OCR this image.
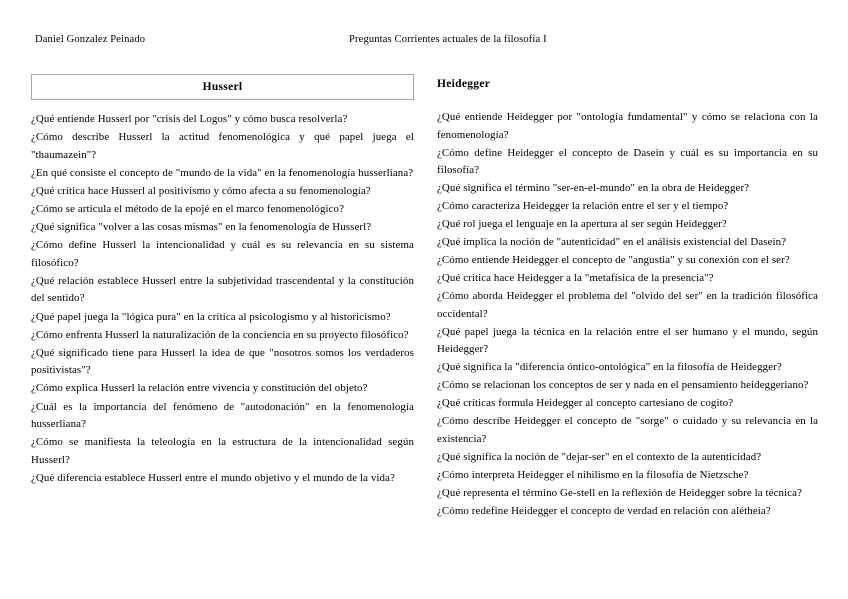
Daniel Gonzalez Peinado	Preguntas Corrientes actuales de la filosofía I
Husserl
¿Qué entiende Husserl por "crisis del Logos" y cómo busca resolverla?
¿Cómo describe Husserl la actitud fenomenológica y qué papel juega el "thaumazein"?
¿En qué consiste el concepto de "mundo de la vida" en la fenomenología husserliana?
¿Qué crítica hace Husserl al positivismo y cómo afecta a su fenomenología?
¿Cómo se articula el método de la epojé en el marco fenomenológico?
¿Qué significa "volver a las cosas mismas" en la fenomenología de Husserl?
¿Cómo define Husserl la intencionalidad y cuál es su relevancia en su sistema filosófico?
¿Qué relación establece Husserl entre la subjetividad trascendental y la constitución del sentido?
¿Qué papel juega la "lógica pura" en la crítica al psicologismo y al historicismo?
¿Cómo enfrenta Husserl la naturalización de la conciencia en su proyecto filosófico?
¿Qué significado tiene para Husserl la idea de que "nosotros somos los verdaderos positivistas"?
¿Cómo explica Husserl la relación entre vivencia y constitución del objeto?
¿Cuál es la importancia del fenómeno de "autodonación" en la fenomenología husserliana?
¿Cómo se manifiesta la teleología en la estructura de la intencionalidad según Husserl?
¿Qué diferencia establece Husserl entre el mundo objetivo y el mundo de la vida?
Heidegger
¿Qué entiende Heidegger por "ontología fundamental" y cómo se relaciona con la fenomenología?
¿Cómo define Heidegger el concepto de Dasein y cuál es su importancia en su filosofía?
¿Qué significa el término "ser-en-el-mundo" en la obra de Heidegger?
¿Cómo caracteriza Heidegger la relación entre el ser y el tiempo?
¿Qué rol juega el lenguaje en la apertura al ser según Heidegger?
¿Qué implica la noción de "autenticidad" en el análisis existencial del Dasein?
¿Cómo entiende Heidegger el concepto de "angustia" y su conexión con el ser?
¿Qué crítica hace Heidegger a la "metafísica de la presencia"?
¿Cómo aborda Heidegger el problema del "olvido del ser" en la tradición filosófica occidental?
¿Qué papel juega la técnica en la relación entre el ser humano y el mundo, según Heidegger?
¿Qué significa la "diferencia óntico-ontológica" en la filosofía de Heidegger?
¿Cómo se relacionan los conceptos de ser y nada en el pensamiento heideggeriano?
¿Qué críticas formula Heidegger al concepto cartesiano de cogito?
¿Cómo describe Heidegger el concepto de "sorge" o cuidado y su relevancia en la existencia?
¿Qué significa la noción de "dejar-ser" en el contexto de la autenticidad?
¿Cómo interpreta Heidegger el nihilismo en la filosofía de Nietzsche?
¿Qué representa el término Ge-stell en la reflexión de Heidegger sobre la técnica?
¿Cómo redefine Heidegger el concepto de verdad en relación con alétheia?
